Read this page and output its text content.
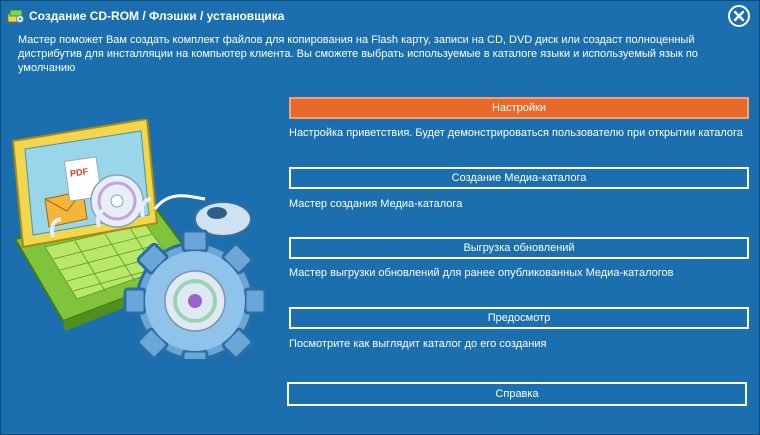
Создание CD-ROM / Флэшки / установщика
Мастер поможет Вам создать комплект файлов для копирования на Flash карту, записи на CD, DVD диск или создаст полноценный дистрибутив для инсталляции на компьютер клиента. Вы сможете выбрать используемые в каталоге языки и используемый язык по умолчанию
PDF
Настройки
Настройка приветствия. Будет демонстрироваться пользователю при открытии каталога
Создание Медиа-каталога
Мастер создания Медиа-каталога
Выгрузка обновлений
Мастер выгрузки обновлений для ранее опубликованных Медиа-каталогов
Предосмотр
Посмотрите как выглядит каталог до его создания
Справка
